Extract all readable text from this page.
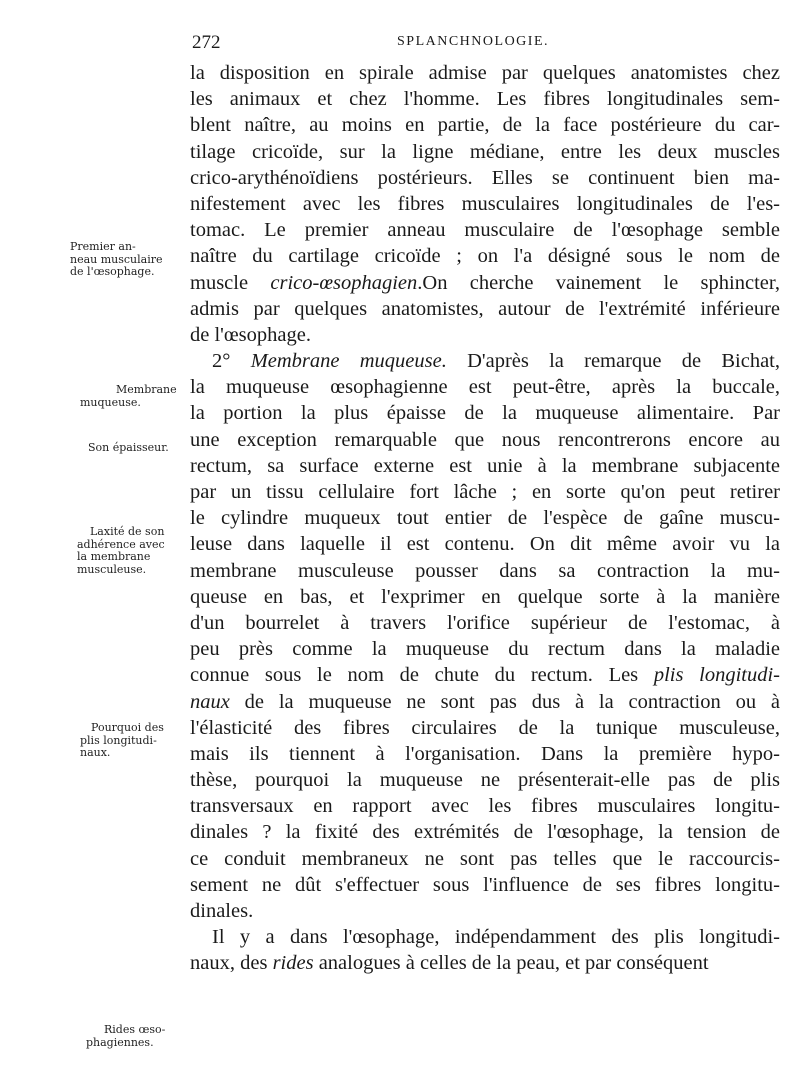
272	SPLANCHNOLOGIE.
Premier an-
neau musculaire
de l'œsophage.
Membrane
muqueuse.
Son épaisseur.
Laxité de son
adhérence avec
la membrane
musculeuse.
Pourquoi des
plis longitudi-
naux.
Rides œso-
phagiennes.
la disposition en spirale admise par quelques anatomistes chez
les animaux et chez l'homme. Les fibres longitudinales sem-
blent naître, au moins en partie, de la face postérieure du car-
tilage cricoïde, sur la ligne médiane, entre les deux muscles
crico-arythénoïdiens postérieurs. Elles se continuent bien ma-
nifestement avec les fibres musculaires longitudinales de l'es-
tomac. Le premier anneau musculaire de l'œsophage semble
naître du cartilage cricoïde ; on l'a désigné sous le nom de
muscle crico-œsophagien.On cherche vainement le sphincter,
admis par quelques anatomistes, autour de l'extrémité inférieure
de l'œsophage.
2° Membrane muqueuse. D'après la remarque de Bichat,
la muqueuse œsophagienne est peut-être, après la buccale,
la portion la plus épaisse de la muqueuse alimentaire. Par
une exception remarquable que nous rencontrerons encore au
rectum, sa surface externe est unie à la membrane subjacente
par un tissu cellulaire fort lâche ; en sorte qu'on peut retirer
le cylindre muqueux tout entier de l'espèce de gaîne muscu-
leuse dans laquelle il est contenu. On dit même avoir vu la
membrane musculeuse pousser dans sa contraction la mu-
queuse en bas, et l'exprimer en quelque sorte à la manière
d'un bourrelet à travers l'orifice supérieur de l'estomac, à
peu près comme la muqueuse du rectum dans la maladie
connue sous le nom de chute du rectum. Les plis longitudi-
naux de la muqueuse ne sont pas dus à la contraction ou à
l'élasticité des fibres circulaires de la tunique musculeuse,
mais ils tiennent à l'organisation. Dans la première hypo-
thèse, pourquoi la muqueuse ne présenterait-elle pas de plis
transversaux en rapport avec les fibres musculaires longitu-
dinales ? la fixité des extrémités de l'œsophage, la tension de
ce conduit membraneux ne sont pas telles que le raccourcis-
sement ne dût s'effectuer sous l'influence de ses fibres longitu-
dinales.
Il y a dans l'œsophage, indépendamment des plis longitudi-
naux, des rides analogues à celles de la peau, et par conséquent
